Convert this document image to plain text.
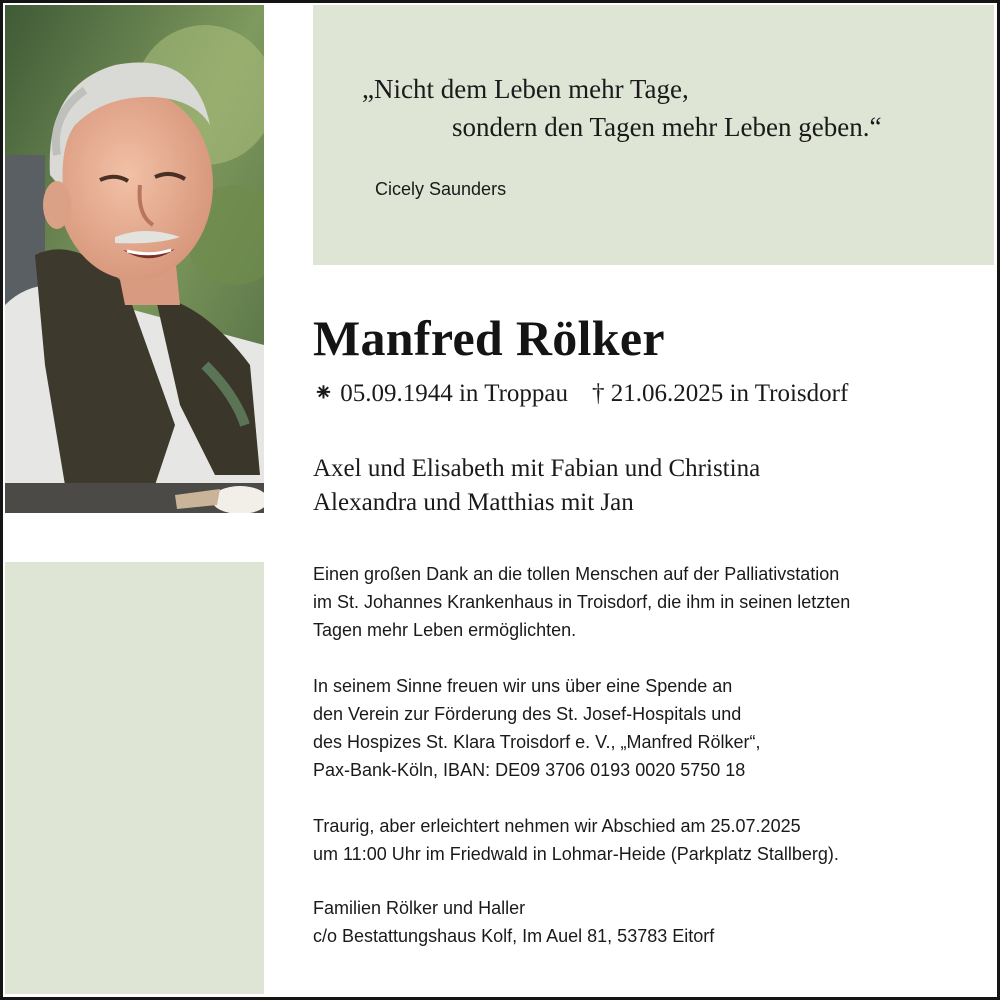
„Nicht dem Leben mehr Tage,
sondern den Tagen mehr Leben geben.“
Cicely Saunders
Manfred Rölker
⁕ 05.09.1944 in Troppau † 21.06.2025 in Troisdorf
Axel und Elisabeth mit Fabian und Christina
Alexandra und Matthias mit Jan
Einen großen Dank an die tollen Menschen auf der Palliativstation
im St. Johannes Krankenhaus in Troisdorf, die ihm in seinen letzten
Tagen mehr Leben ermöglichten.
In seinem Sinne freuen wir uns über eine Spende an
den Verein zur Förderung des St. Josef-Hospitals und
des Hospizes St. Klara Troisdorf e. V., „Manfred Rölker“,
Pax-Bank-Köln, IBAN: DE09 3706 0193 0020 5750 18
Traurig, aber erleichtert nehmen wir Abschied am 25.07.2025
um 11:00 Uhr im Friedwald in Lohmar-Heide (Parkplatz Stallberg).
Familien Rölker und Haller
c/o Bestattungshaus Kolf, Im Auel 81, 53783 Eitorf
